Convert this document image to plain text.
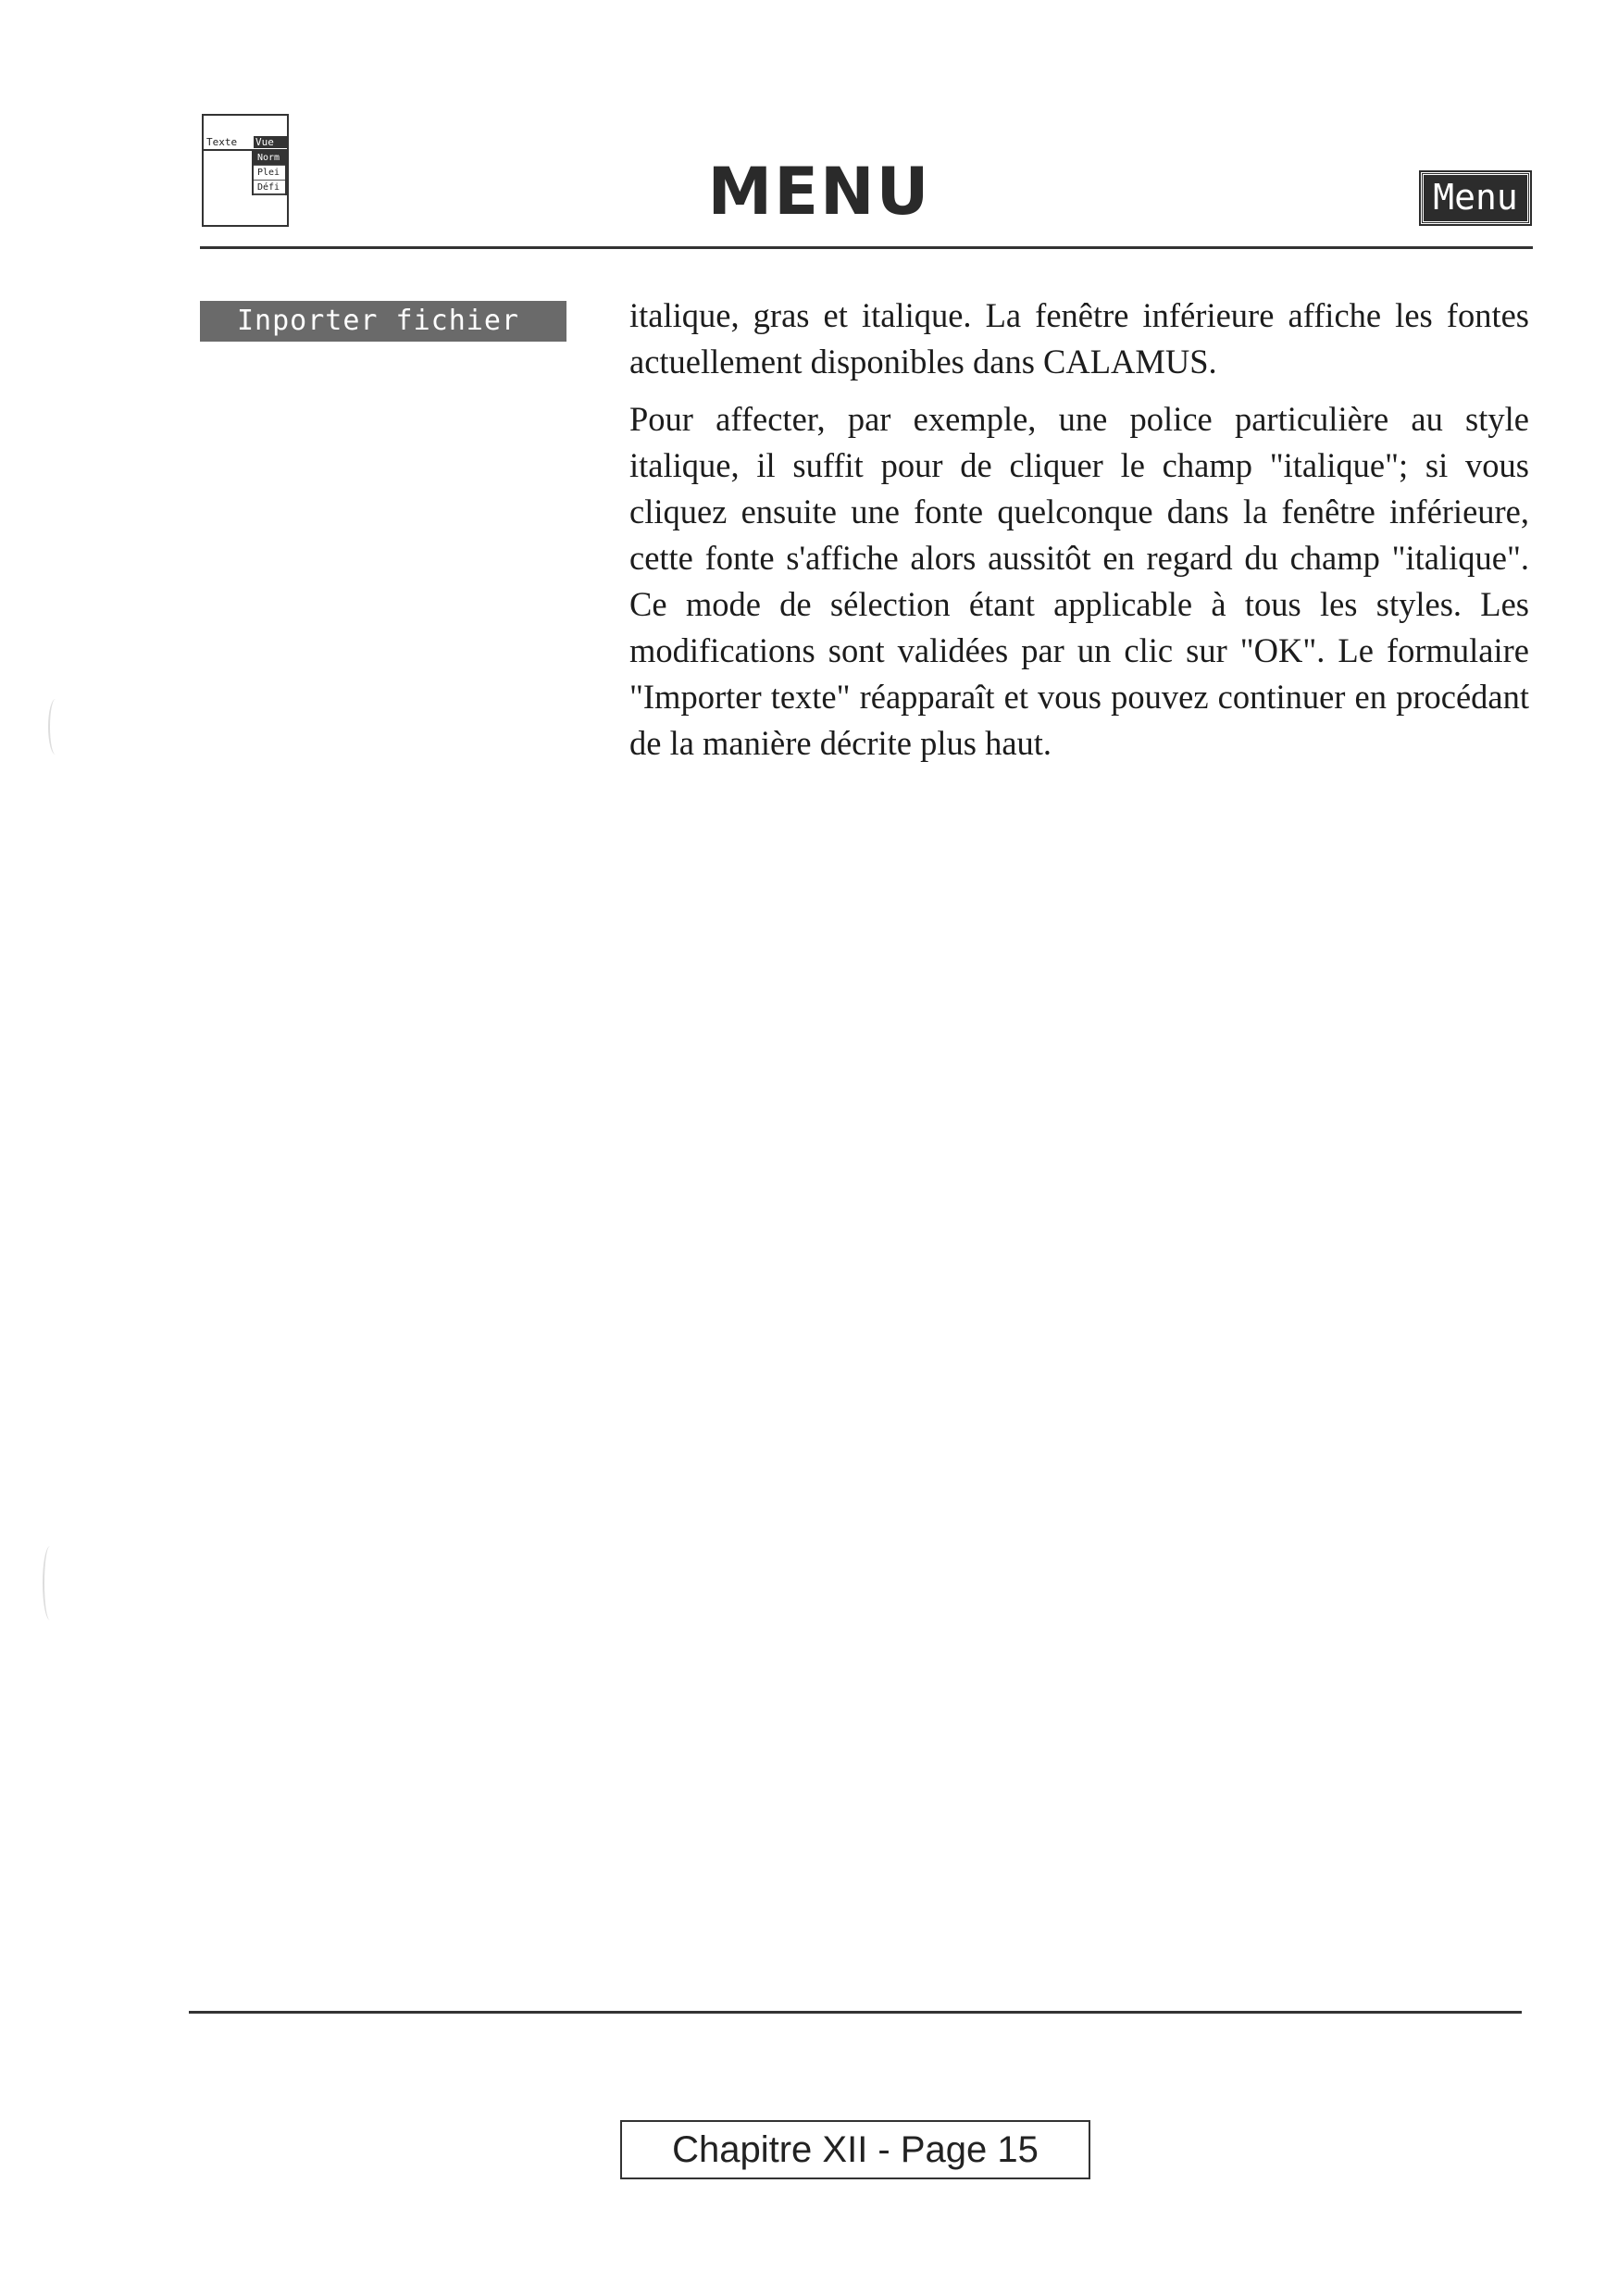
Texte Vue
Norm
Plei
Défi	MENU	Menu
Inporter fichier	italique, gras et italique. La fenêtre inférieure affiche les fontes actuellement disponibles dans CALAMUS.

Pour affecter, par exemple, une police particulière au style italique, il suffit pour de cliquer le champ "italique"; si vous cliquez ensuite une fonte quelconque dans la fenêtre inférieure, cette fonte s'affiche alors aussitôt en regard du champ "italique". Ce mode de sélection étant applicable à tous les styles. Les modifications sont validées par un clic sur "OK". Le formulaire "Importer texte" réapparaît et vous pouvez continuer en procédant de la manière décrite plus haut.

Chapitre XII - Page 15
